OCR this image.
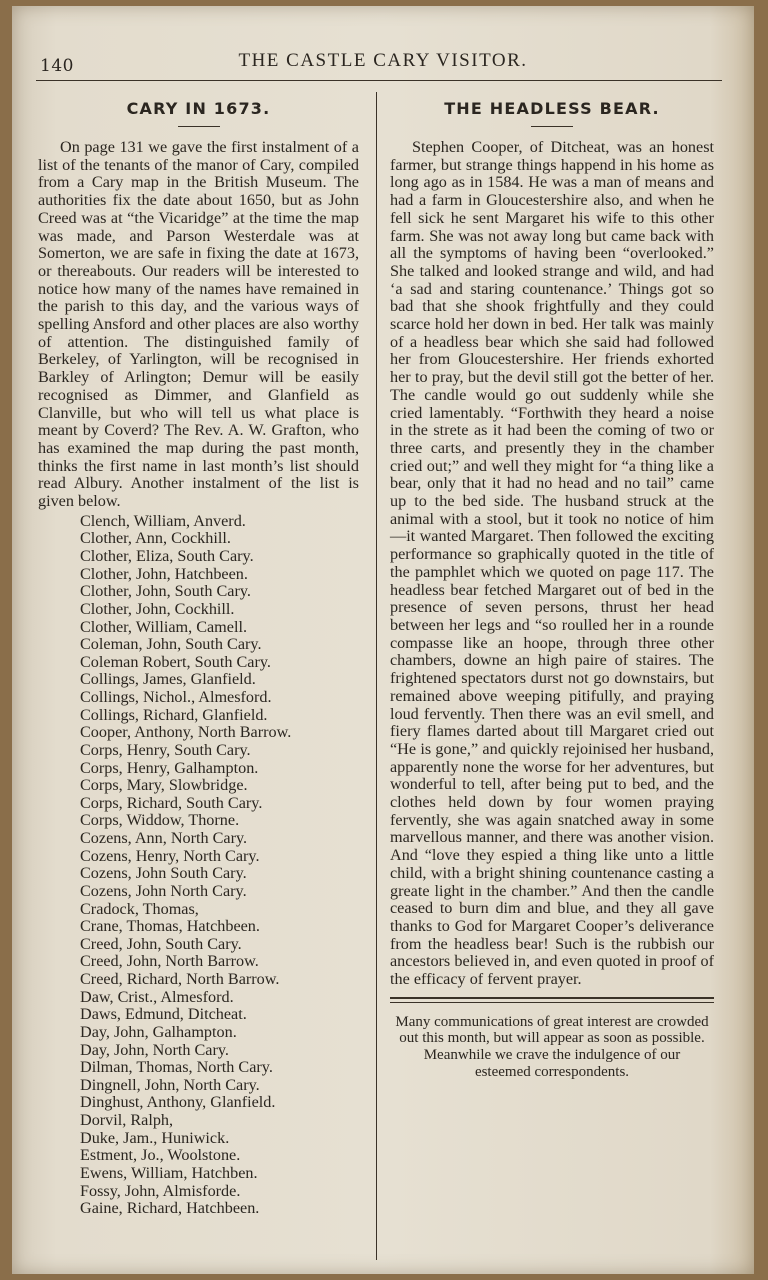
140	THE CASTLE CARY VISITOR.
CARY IN 1673.

On page 131 we gave the first instalment of a list of the tenants of the manor of Cary, compiled from a Cary map in the British Museum. The authorities fix the date about 1650, but as John Creed was at “the Vicaridge” at the time the map was made, and Parson Westerdale was at Somerton, we are safe in fixing the date at 1673, or thereabouts. Our readers will be interested to notice how many of the names have remained in the parish to this day, and the various ways of spelling Ansford and other places are also worthy of attention. The distinguished family of Berkeley, of Yarlington, will be recognised in Barkley of Arlington; Demur will be easily recognised as Dimmer, and Glanfield as Clanville, but who will tell us what place is meant by Coverd? The Rev. A. W. Grafton, who has examined the map during the past month, thinks the first name in last month’s list should read Albury. Another instalment of the list is given below.

Clench, William, Anverd.
Clother, Ann, Cockhill.
Clother, Eliza, South Cary.
Clother, John, Hatchbeen.
Clother, John, South Cary.
Clother, John, Cockhill.
Clother, William, Camell.
Coleman, John, South Cary.
Coleman Robert, South Cary.
Collings, James, Glanfield.
Collings, Nichol., Almesford.
Collings, Richard, Glanfield.
Cooper, Anthony, North Barrow.
Corps, Henry, South Cary.
Corps, Henry, Galhampton.
Corps, Mary, Slowbridge.
Corps, Richard, South Cary.
Corps, Widdow, Thorne.
Cozens, Ann, North Cary.
Cozens, Henry, North Cary.
Cozens, John South Cary.
Cozens, John North Cary.
Cradock, Thomas,
Crane, Thomas, Hatchbeen.
Creed, John, South Cary.
Creed, John, North Barrow.
Creed, Richard, North Barrow.
Daw, Crist., Almesford.
Daws, Edmund, Ditcheat.
Day, John, Galhampton.
Day, John, North Cary.
Dilman, Thomas, North Cary.
Dingnell, John, North Cary.
Dinghust, Anthony, Glanfield.
Dorvil, Ralph,
Duke, Jam., Huniwick.
Estment, Jo., Woolstone.
Ewens, William, Hatchben.
Fossy, John, Almisforde.
Gaine, Richard, Hatchbeen.
THE HEADLESS BEAR.

Stephen Cooper, of Ditcheat, was an honest farmer, but strange things happend in his home as long ago as in 1584. He was a man of means and had a farm in Gloucestershire also, and when he fell sick he sent Margaret his wife to this other farm. She was not away long but came back with all the symptoms of having been “overlooked.” She talked and looked strange and wild, and had ‘a sad and staring countenance.’ Things got so bad that she shook frightfully and they could scarce hold her down in bed. Her talk was mainly of a headless bear which she said had followed her from Gloucestershire. Her friends exhorted her to pray, but the devil still got the better of her. The candle would go out suddenly while she cried lamentably. “Forthwith they heard a noise in the strete as it had been the coming of two or three carts, and presently they in the chamber cried out;” and well they might for “a thing like a bear, only that it had no head and no tail” came up to the bed side. The husband struck at the animal with a stool, but it took no notice of him—it wanted Margaret. Then followed the exciting performance so graphically quoted in the title of the pamphlet which we quoted on page 117. The headless bear fetched Margaret out of bed in the presence of seven persons, thrust her head between her legs and “so roulled her in a rounde compasse like an hoope, through three other chambers, downe an high paire of staires. The frightened spectators durst not go downstairs, but remained above weeping pitifully, and praying loud fervently. Then there was an evil smell, and fiery flames darted about till Margaret cried out “He is gone,” and quickly rejoinised her husband, apparently none the worse for her adventures, but wonderful to tell, after being put to bed, and the clothes held down by four women praying fervently, she was again snatched away in some marvellous manner, and there was another vision. And “love they espied a thing like unto a little child, with a bright shining countenance casting a greate light in the chamber.” And then the candle ceased to burn dim and blue, and they all gave thanks to God for Margaret Cooper’s deliverance from the headless bear! Such is the rubbish our ancestors believed in, and even quoted in proof of the efficacy of fervent prayer.

Many communications of great interest are crowded out this month, but will appear as soon as possible. Meanwhile we crave the indulgence of our esteemed correspondents.
